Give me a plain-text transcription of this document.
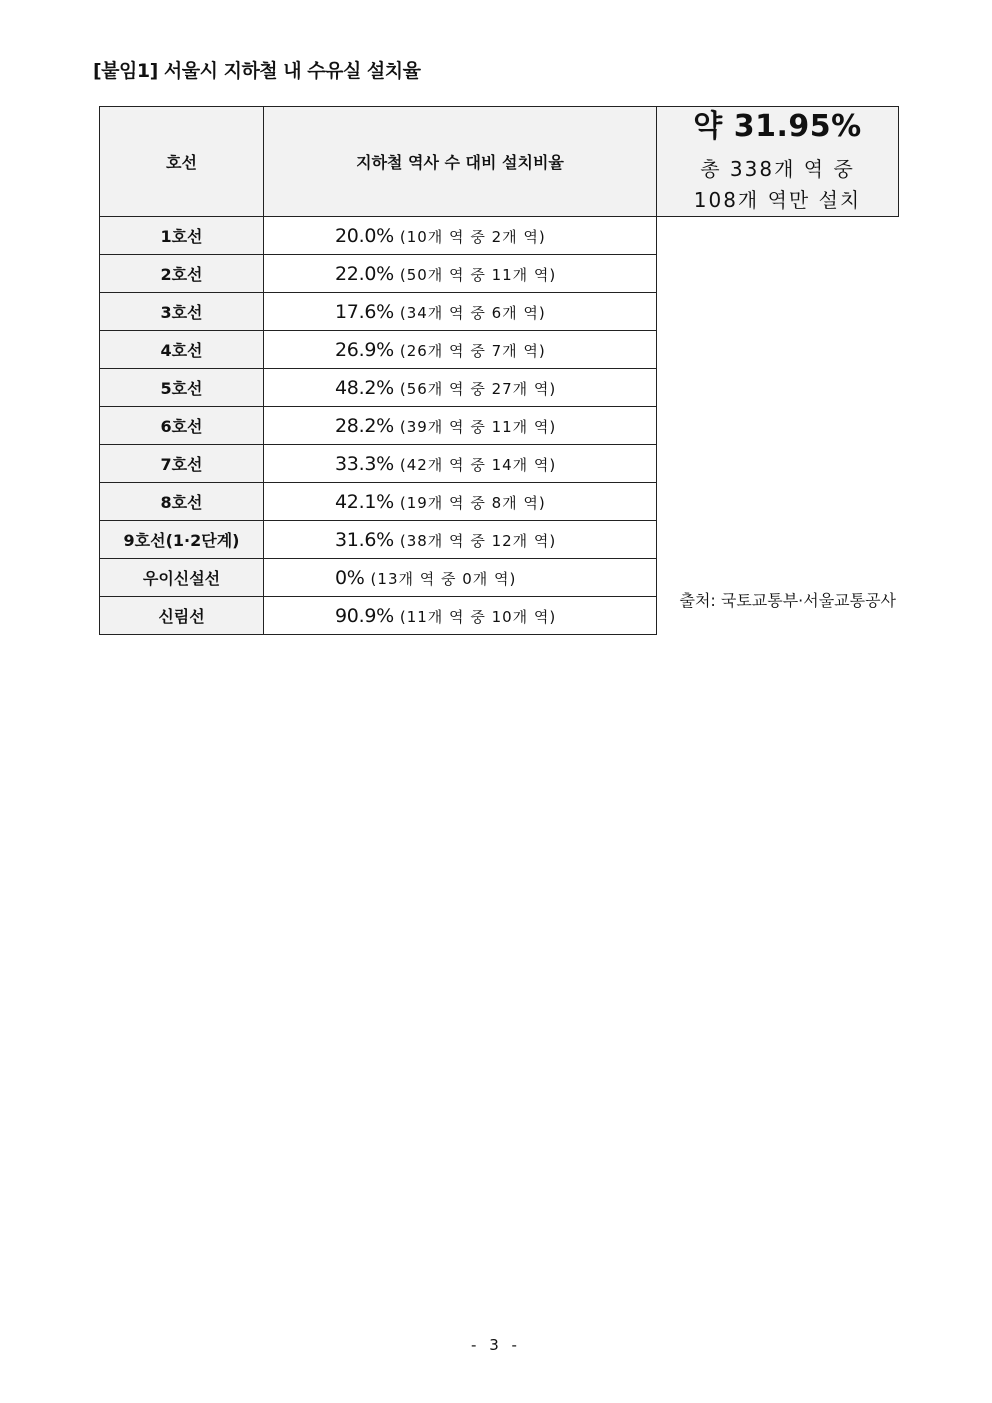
[붙임1] 서울시 지하철 내 수유실 설치율
호선	지하철 역사 수 대비 설치비율	약 31.95%
총 338개 역 중
108개 역만 설치

1호선	20.0% (10개 역 중 2개 역)	
2호선	22.0% (50개 역 중 11개 역)	
3호선	17.6% (34개 역 중 6개 역)	
4호선	26.9% (26개 역 중 7개 역)	
5호선	48.2% (56개 역 중 27개 역)	
6호선	28.2% (39개 역 중 11개 역)	
7호선	33.3% (42개 역 중 14개 역)	
8호선	42.1% (19개 역 중 8개 역)	
9호선(1·2단계)	31.6% (38개 역 중 12개 역)	
우이신설선	0% (13개 역 중 0개 역)	
신림선	90.9% (11개 역 중 10개 역)	
출처: 국토교통부·서울교통공사
- 3 -
